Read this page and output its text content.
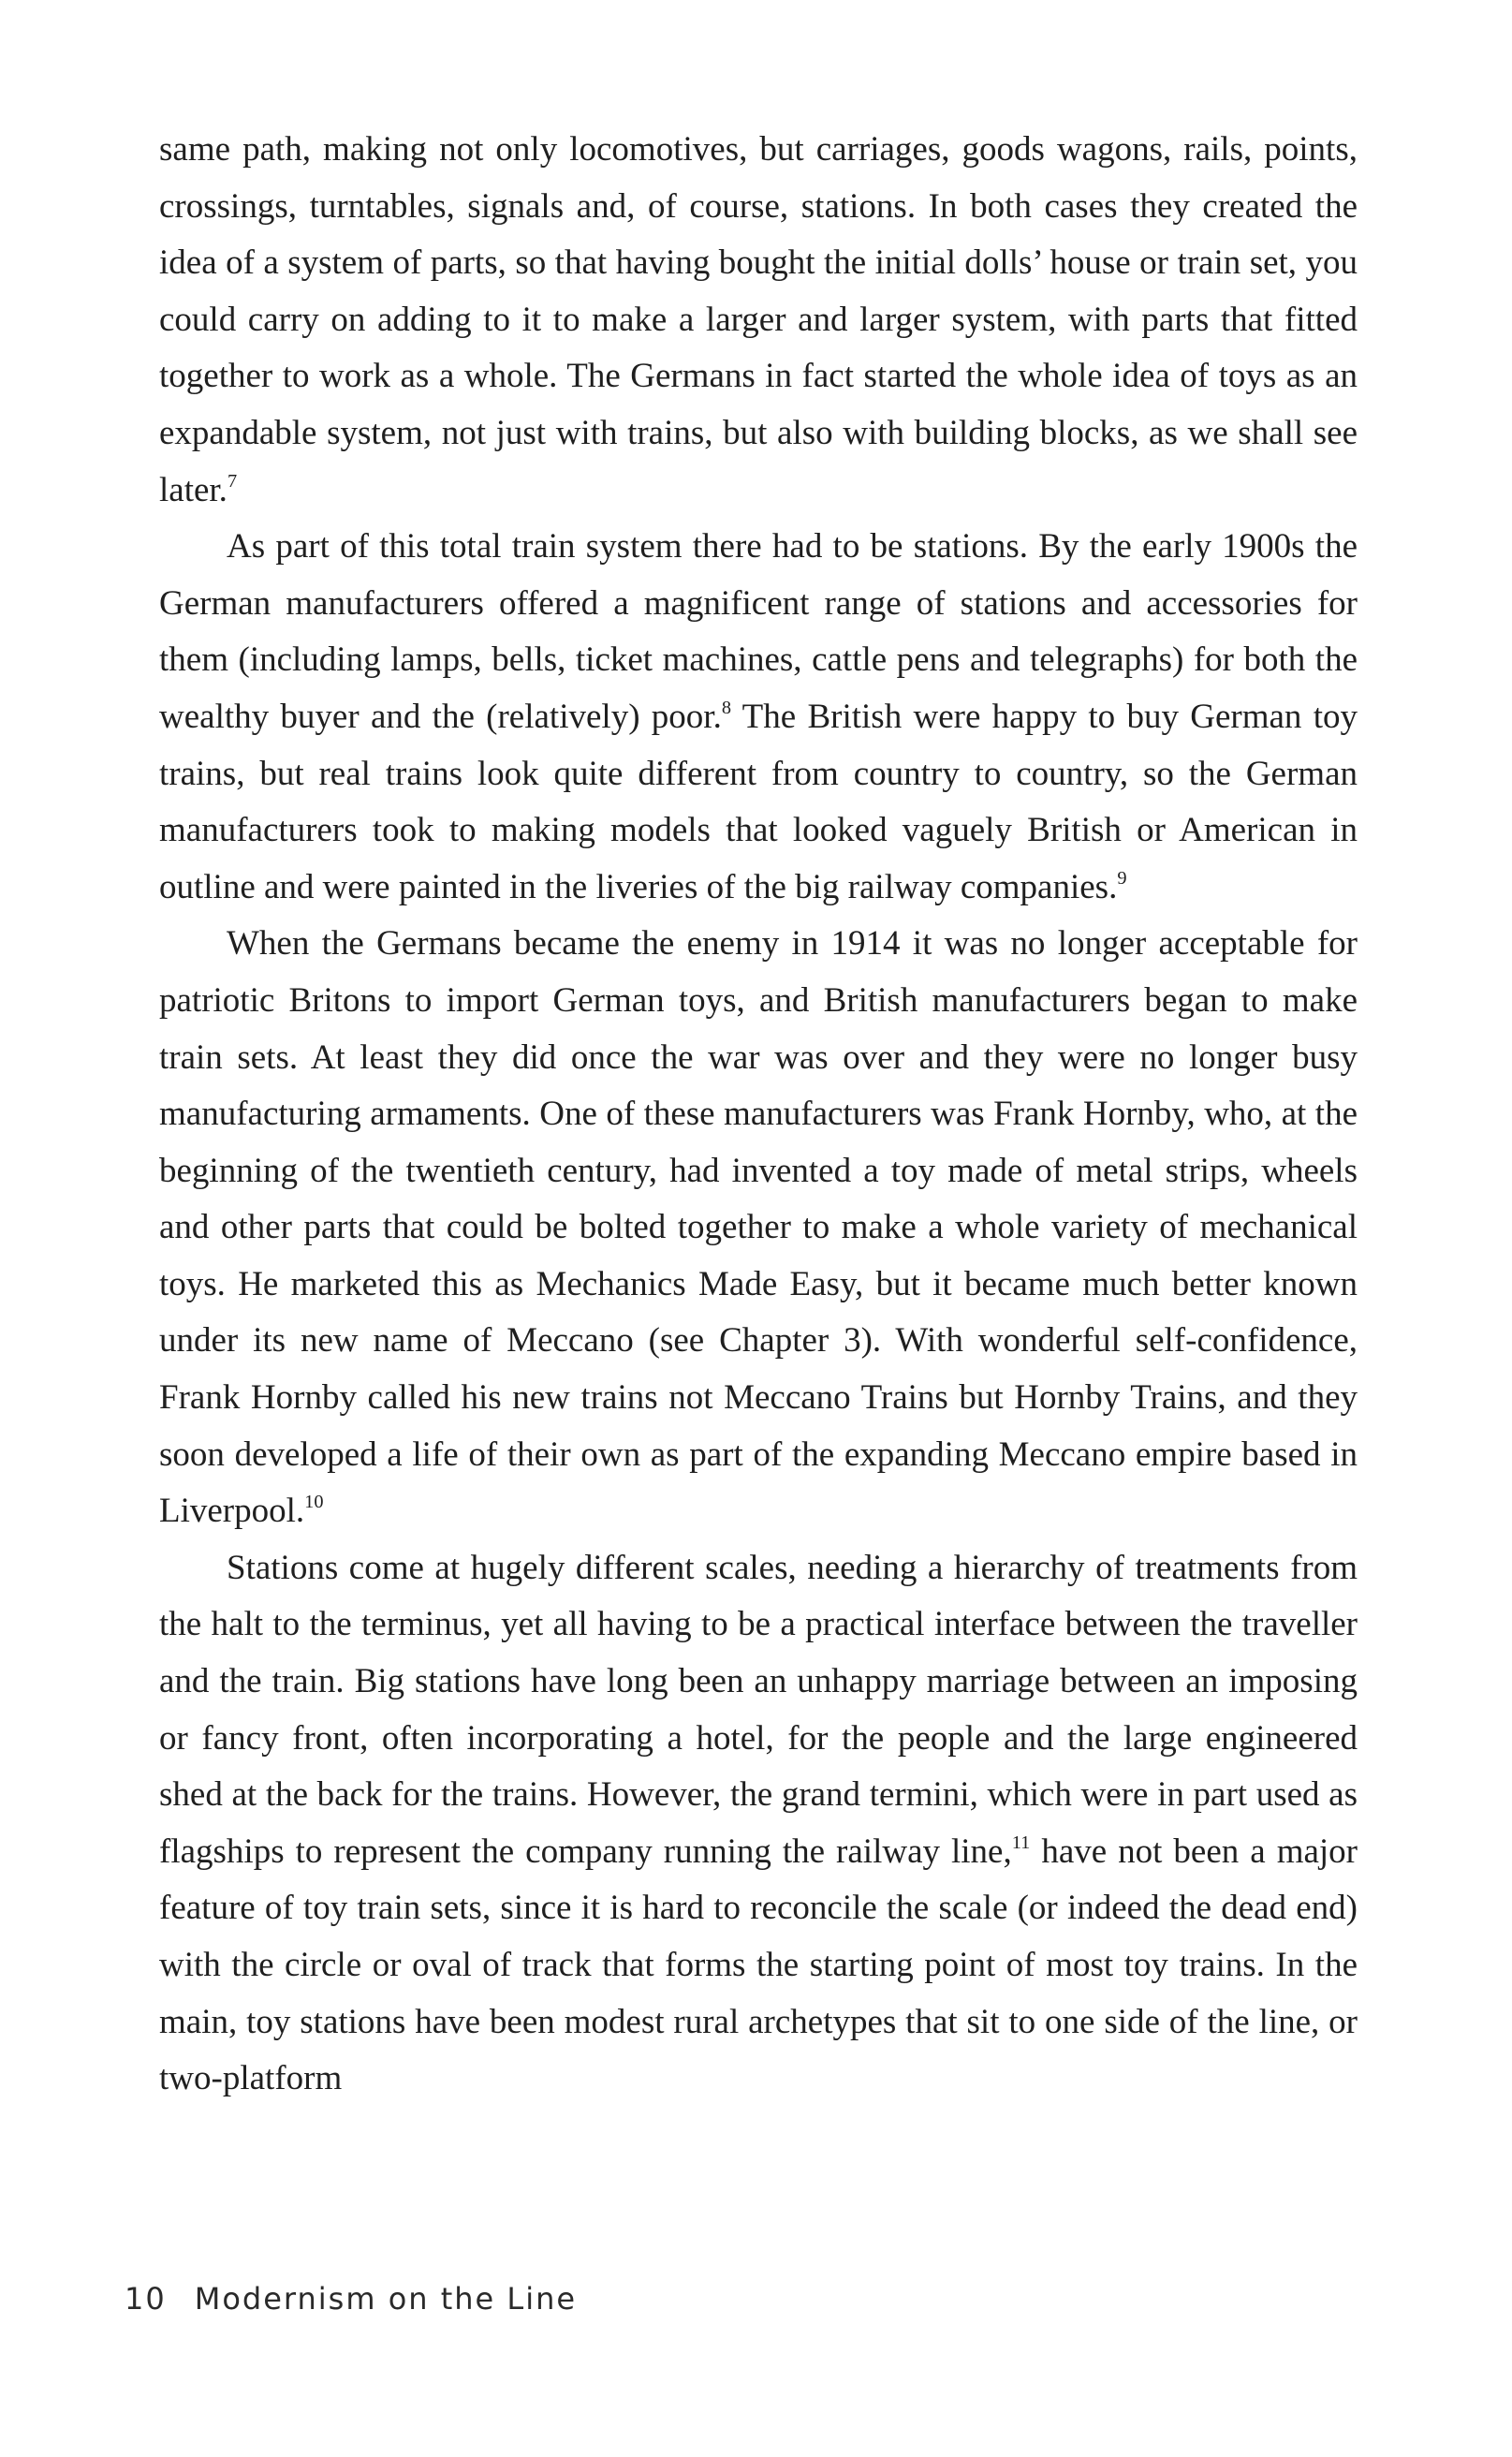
same path, making not only locomotives, but carriages, goods wagons, rails, points, crossings, turntables, signals and, of course, stations. In both cases they created the idea of a system of parts, so that having bought the initial dolls’ house or train set, you could carry on adding to it to make a larger and larger system, with parts that fitted together to work as a whole. The Germans in fact started the whole idea of toys as an expandable system, not just with trains, but also with building blocks, as we shall see later.$^7$

As part of this total train system there had to be stations. By the early 1900s the German manufacturers offered a magnificent range of stations and accessories for them (including lamps, bells, ticket machines, cattle pens and telegraphs) for both the wealthy buyer and the (relatively) poor.$^8$ The British were happy to buy German toy trains, but real trains look quite different from country to country, so the German manufacturers took to making models that looked vaguely British or American in outline and were painted in the liveries of the big railway companies.$^9$

When the Germans became the enemy in 1914 it was no longer acceptable for patriotic Britons to import German toys, and British manufacturers began to make train sets. At least they did once the war was over and they were no longer busy manufacturing armaments. One of these manufacturers was Frank Hornby, who, at the beginning of the twentieth century, had invented a toy made of metal strips, wheels and other parts that could be bolted together to make a whole variety of mechanical toys. He marketed this as Mechanics Made Easy, but it became much better known under its new name of Meccano (see Chapter 3). With wonderful self-confidence, Frank Hornby called his new trains not Meccano Trains but Hornby Trains, and they soon developed a life of their own as part of the expanding Meccano empire based in Liverpool.$^{10}$

Stations come at hugely different scales, needing a hierarchy of treatments from the halt to the terminus, yet all having to be a practical interface between the traveller and the train. Big stations have long been an unhappy marriage between an imposing or fancy front, often incorporating a hotel, for the people and the large engineered shed at the back for the trains. However, the grand termini, which were in part used as flagships to represent the company running the railway line,$^{11}$ have not been a major feature of toy train sets, since it is hard to reconcile the scale (or indeed the dead end) with the circle or oval of track that forms the starting point of most toy trains. In the main, toy stations have been modest rural archetypes that sit to one side of the line, or two-platform

10 Modernism on the Line
